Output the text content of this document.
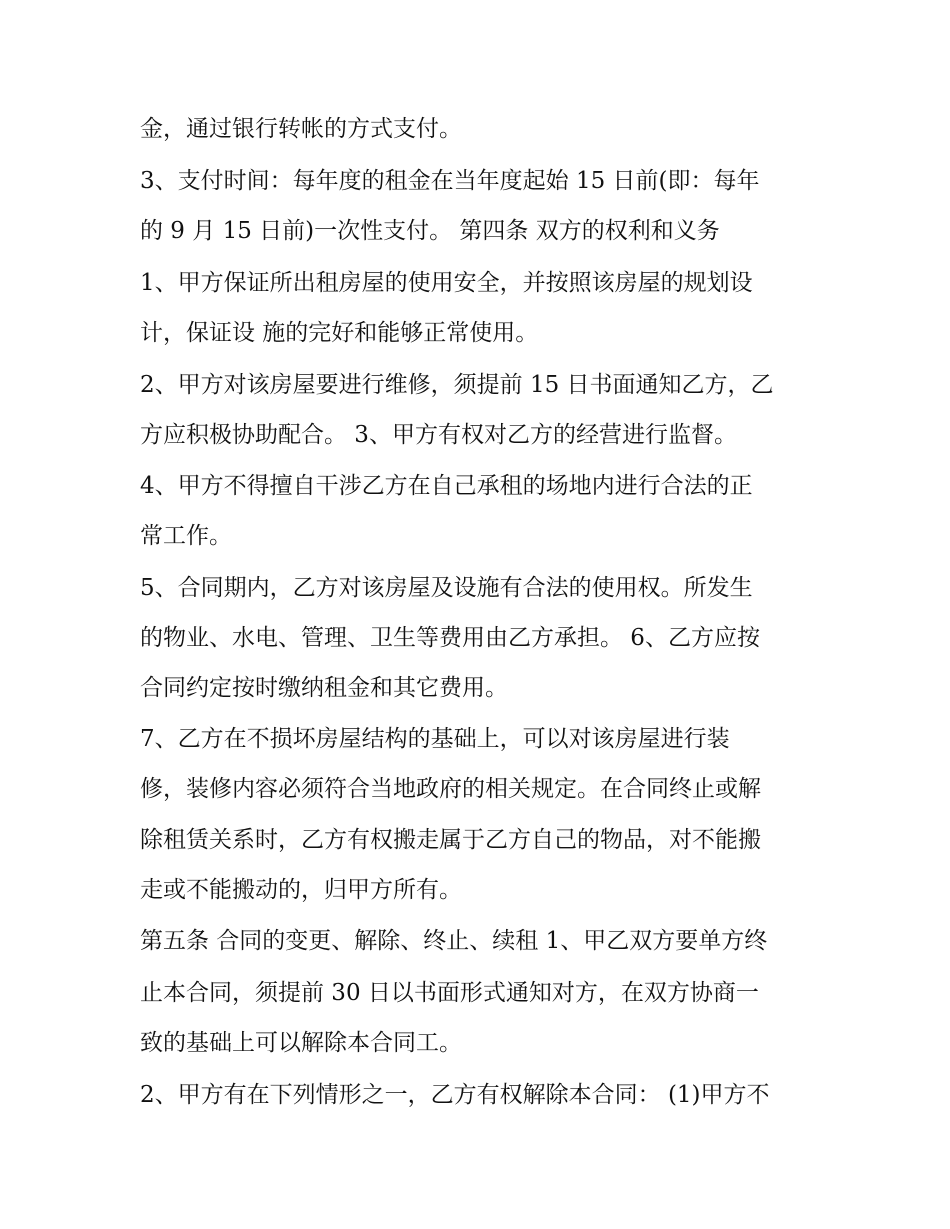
金，通过银行转帐的方式支付。
3、支付时间：每年度的租金在当年度起始 15 日前(即：每年
的 9 月 15 日前)一次性支付。 第四条 双方的权利和义务
1、甲方保证所出租房屋的使用安全，并按照该房屋的规划设
计，保证设 施的完好和能够正常使用。
2、甲方对该房屋要进行维修，须提前 15 日书面通知乙方，乙
方应积极协助配合。 3、甲方有权对乙方的经营进行监督。
4、甲方不得擅自干涉乙方在自己承租的场地内进行合法的正
常工作。
5、合同期内，乙方对该房屋及设施有合法的使用权。所发生
的物业、水电、管理、卫生等费用由乙方承担。 6、乙方应按
合同约定按时缴纳租金和其它费用。
7、乙方在不损坏房屋结构的基础上，可以对该房屋进行装
修，装修内容必须符合当地政府的相关规定。在合同终止或解
除租赁关系时，乙方有权搬走属于乙方自己的物品，对不能搬
走或不能搬动的，归甲方所有。
第五条 合同的变更、解除、终止、续租 1、甲乙双方要单方终
止本合同，须提前 30 日以书面形式通知对方，在双方协商一
致的基础上可以解除本合同工。
2、甲方有在下列情形之一，乙方有权解除本合同： (1)甲方不
